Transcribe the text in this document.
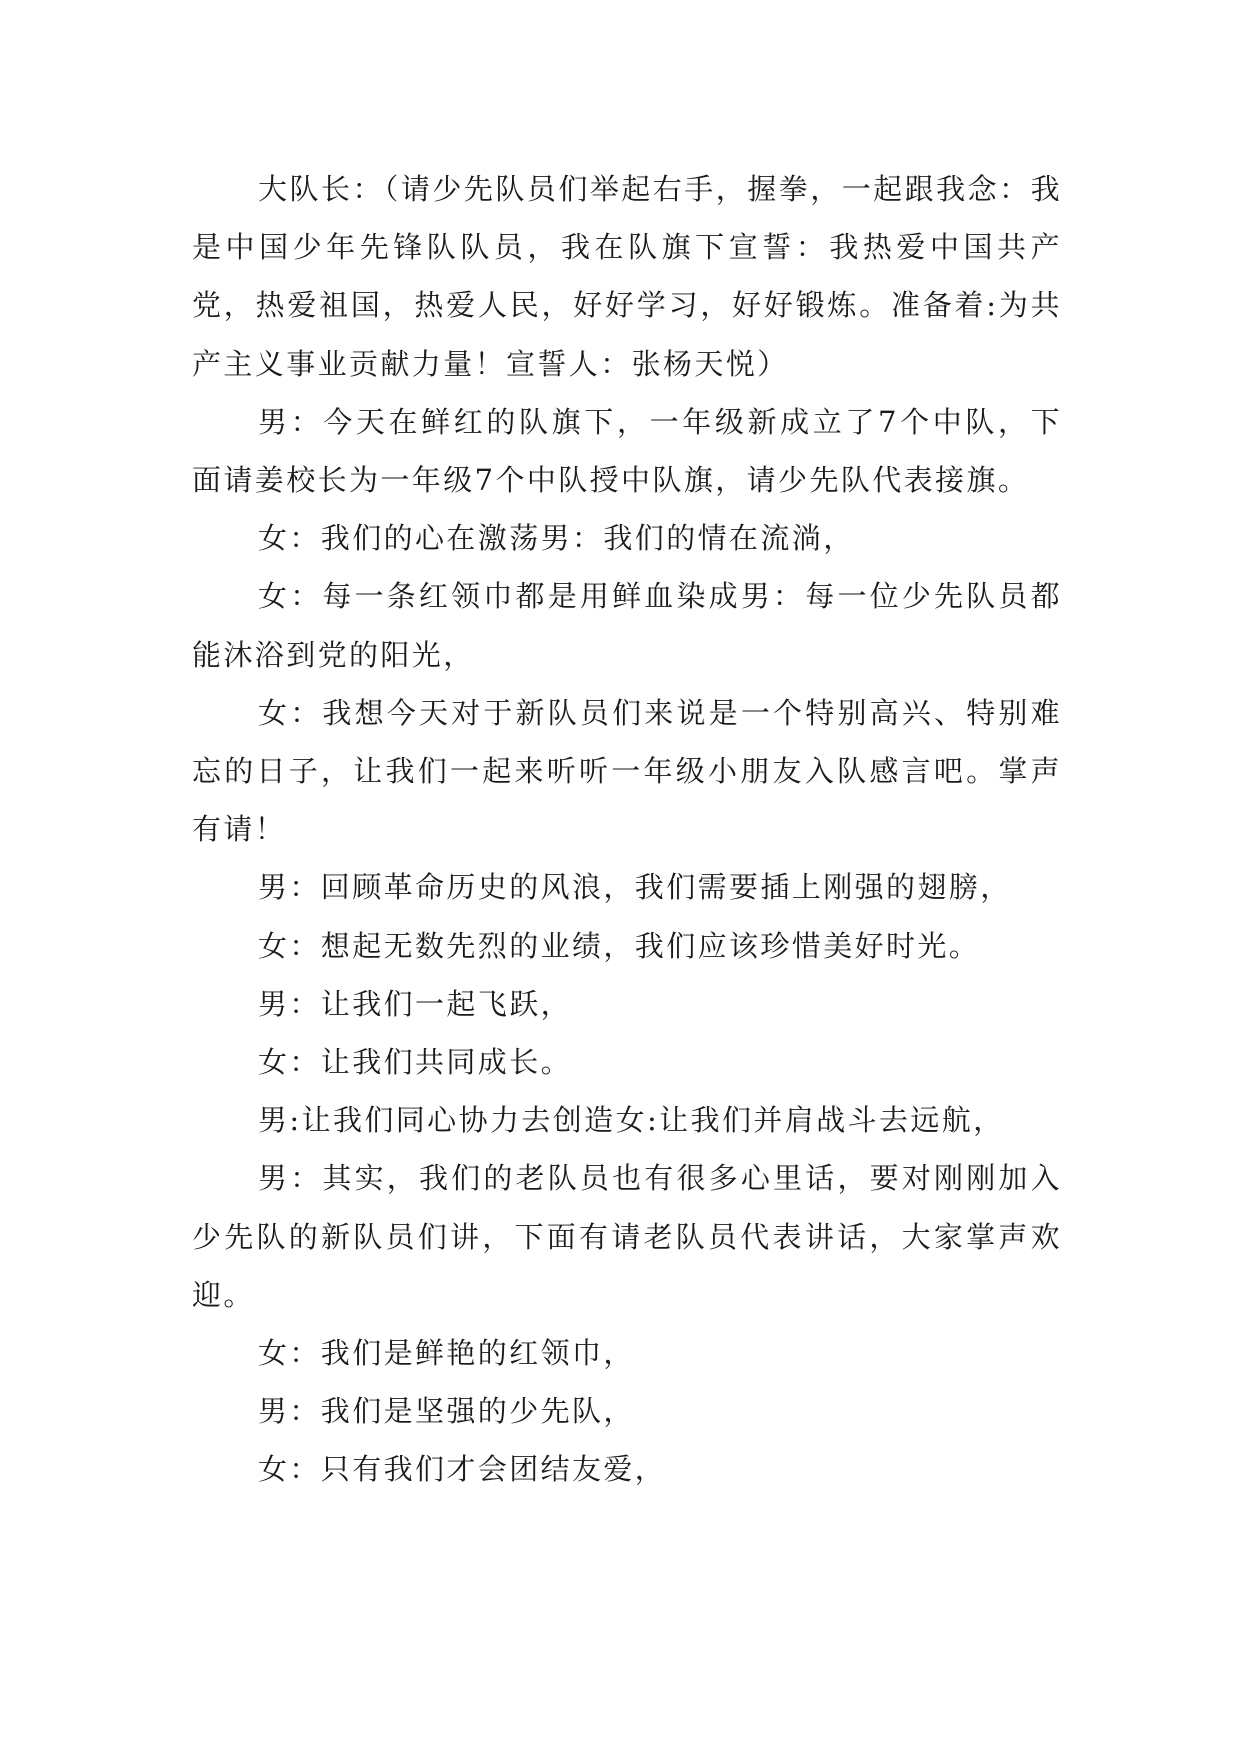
大队长：（请少先队员们举起右手，握拳，一起跟我念：我是中国少年先锋队队员，我在队旗下宣誓：我热爱中国共产党，热爱祖国，热爱人民，好好学习，好好锻炼。准备着:为共产主义事业贡献力量！宣誓人：张杨天悦）

男：今天在鲜红的队旗下，一年级新成立了7个中队，下面请姜校长为一年级7个中队授中队旗，请少先队代表接旗。

女：我们的心在激荡男：我们的情在流淌，

女：每一条红领巾都是用鲜血染成男：每一位少先队员都能沐浴到党的阳光，

女：我想今天对于新队员们来说是一个特别高兴、特别难忘的日子，让我们一起来听听一年级小朋友入队感言吧。掌声有请！

男：回顾革命历史的风浪，我们需要插上刚强的翅膀，

女：想起无数先烈的业绩，我们应该珍惜美好时光。

男：让我们一起飞跃，

女：让我们共同成长。

男:让我们同心协力去创造女:让我们并肩战斗去远航，

男：其实，我们的老队员也有很多心里话，要对刚刚加入少先队的新队员们讲，下面有请老队员代表讲话，大家掌声欢迎。

女：我们是鲜艳的红领巾，

男：我们是坚强的少先队，

女：只有我们才会团结友爱，
